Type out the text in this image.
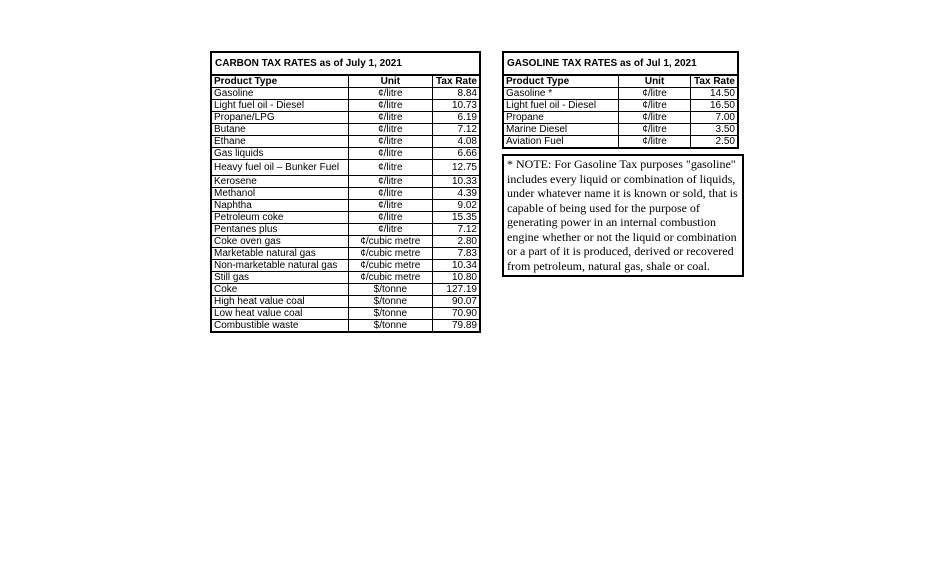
CARBON TAX RATES as of July 1, 2021		
Product Type	Unit	Tax Rate
Gasoline	¢/litre	8.84
Light fuel oil - Diesel	¢/litre	10.73
Propane/LPG	¢/litre	6.19
Butane	¢/litre	7.12
Ethane	¢/litre	4.08
Gas liquids	¢/litre	6.66
Heavy fuel oil – Bunker Fuel	¢/litre	12.75
Kerosene	¢/litre	10.33
Methanol	¢/litre	4.39
Naphtha	¢/litre	9.02
Petroleum coke	¢/litre	15.35
Pentanes plus	¢/litre	7.12
Coke oven gas	¢/cubic metre	2.80
Marketable natural gas	¢/cubic metre	7.83
Non-marketable natural gas	¢/cubic metre	10.34
Still gas	¢/cubic metre	10.80
Coke	$/tonne	127.19
High heat value coal	$/tonne	90.07
Low heat value coal	$/tonne	70.90
Combustible waste	$/tonne	79.89
GASOLINE TAX RATES as of Jul 1, 2021		
Product Type	Unit	Tax Rate
Gasoline *	¢/litre	14.50
Light fuel oil - Diesel	¢/litre	16.50
Propane	¢/litre	7.00
Marine Diesel	¢/litre	3.50
Aviation Fuel	¢/litre	2.50
* NOTE: For Gasoline Tax purposes "gasoline" includes every liquid or combination of liquids, under whatever name it is known or sold, that is capable of being used for the purpose of generating power in an internal combustion engine whether or not the liquid or combination or a part of it is produced, derived or recovered from petroleum, natural gas, shale or coal.
